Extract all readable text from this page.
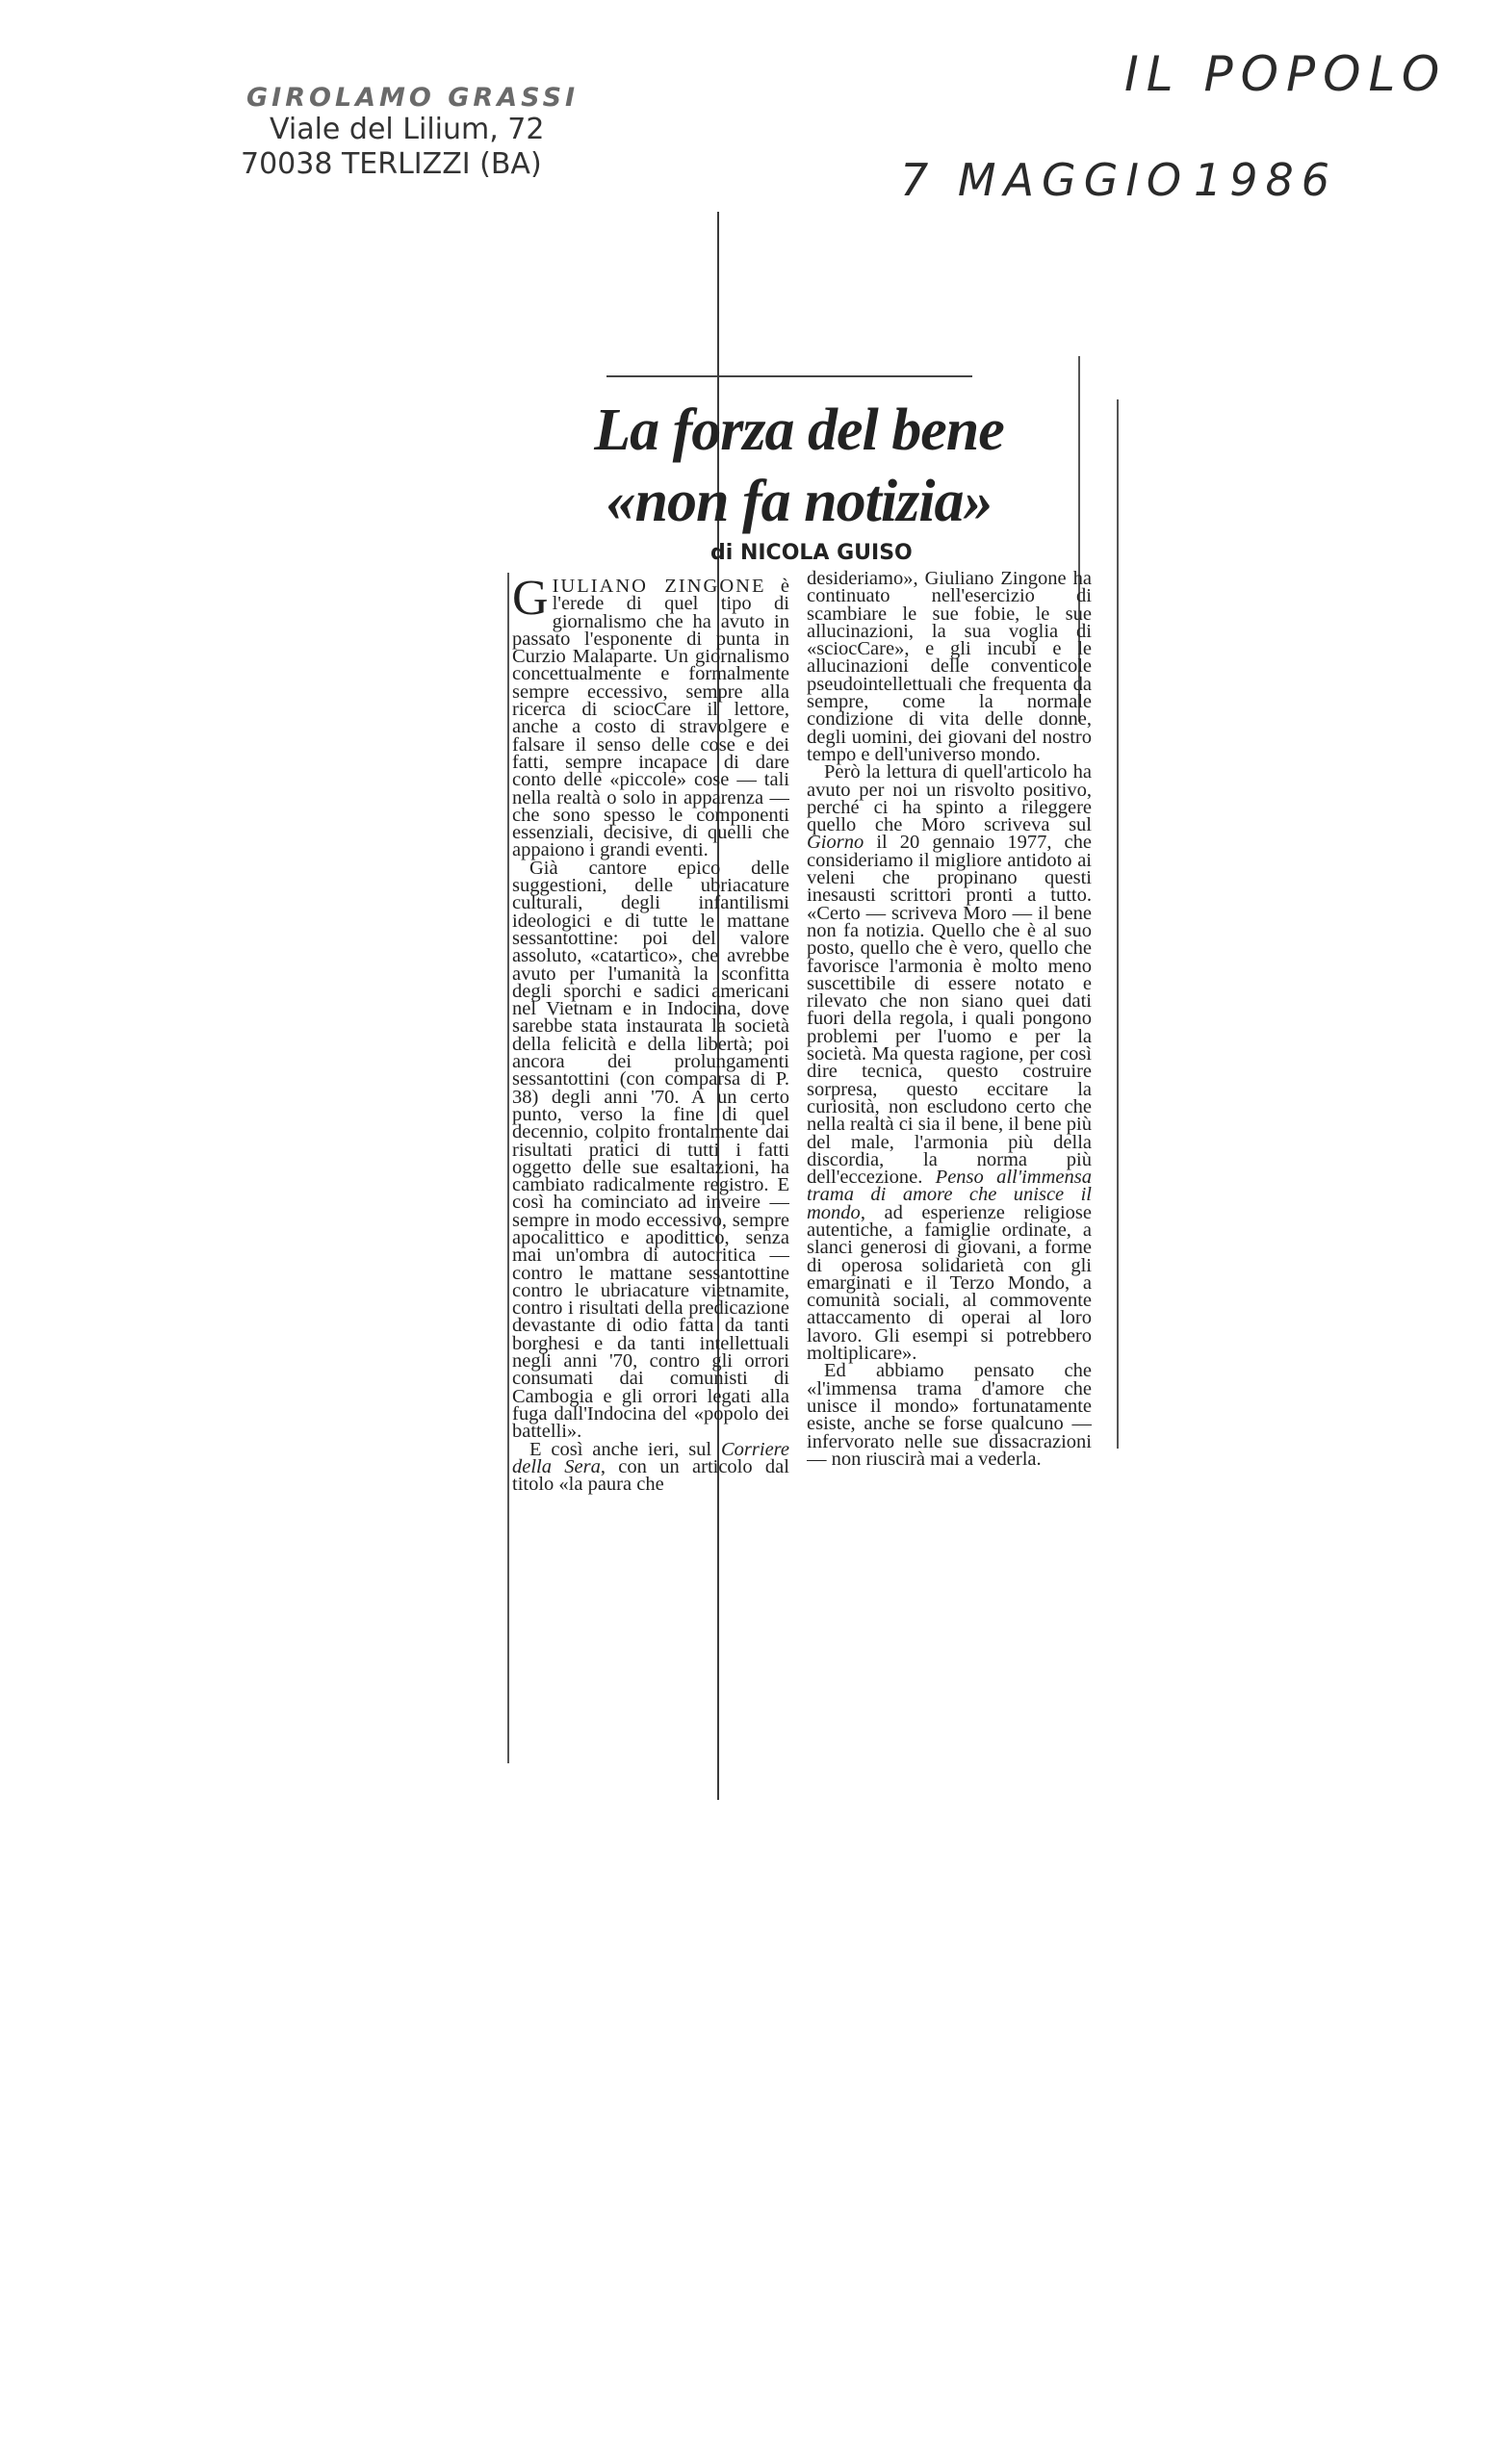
GIROLAMO GRASSI
Viale del Lilium, 72
70038 TERLIZZI (BA)
IL POPOLO
7 MAGGIO 1986
La forza del bene
«non fa notizia»
di NICOLA GUISO

G IULIANO ZINGONE è l'erede di quel tipo di giornalismo che ha avuto in passato l'esponente di punta in Curzio Malaparte. Un giornalismo concettualmente e formalmente sempre eccessivo, sempre alla ricerca di sciocCare il lettore, anche a costo di stravolgere e falsare il senso delle cose e dei fatti, sempre incapace di dare conto delle «piccole» cose — tali nella realtà o solo in apparenza — che sono spesso le componenti essenziali, decisive, di quelli che appaiono i grandi eventi.

Già cantore epico delle suggestioni, delle ubriacature culturali, degli infantilismi ideologici e di tutte le mattane sessantottine: poi del valore assoluto, «catartico», che avrebbe avuto per l'umanità la sconfitta degli sporchi e sadici americani nel Vietnam e in Indocina, dove sarebbe stata instaurata la società della felicità e della libertà; poi ancora dei prolungamenti sessantottini (con comparsa di P. 38) degli anni '70. A un certo punto, verso la fine di quel decennio, colpito frontalmente dai risultati pratici di tutti i fatti oggetto delle sue esaltazioni, ha cambiato radicalmente registro. E così ha cominciato ad inveire — sempre in modo eccessivo, sempre apocalittico e apodittico, senza mai un'ombra di autocritica — contro le mattane sessantottine contro le ubriacature vietnamite, contro i risultati della predicazione devastante di odio fatta da tanti borghesi e da tanti intellettuali negli anni '70, contro gli orrori consumati dai comunisti di Cambogia e gli orrori legati alla fuga dall'Indocina del «popolo dei battelli».

E così anche ieri, sul Corriere della Sera, con un articolo dal titolo «la paura che

desideriamo», Giuliano Zingone ha continuato nell'esercizio di scambiare le sue fobie, le sue allucinazioni, la sua voglia di «sciocCare», e gli incubi e le allucinazioni delle conventicole pseudointellettuali che frequenta da sempre, come la normale condizione di vita delle donne, degli uomini, dei giovani del nostro tempo e dell'universo mondo.

Però la lettura di quell'articolo ha avuto per noi un risvolto positivo, perché ci ha spinto a rileggere quello che Moro scriveva sul Giorno il 20 gennaio 1977, che consideriamo il migliore antidoto ai veleni che propinano questi inesausti scrittori pronti a tutto. «Certo — scriveva Moro — il bene non fa notizia. Quello che è al suo posto, quello che è vero, quello che favorisce l'armonia è molto meno suscettibile di essere notato e rilevato che non siano quei dati fuori della regola, i quali pongono problemi per l'uomo e per la società. Ma questa ragione, per così dire tecnica, questo costruire sorpresa, questo eccitare la curiosità, non escludono certo che nella realtà ci sia il bene, il bene più del male, l'armonia più della discordia, la norma più dell'eccezione. Penso all'immensa trama di amore che unisce il mondo, ad esperienze religiose autentiche, a famiglie ordinate, a slanci generosi di giovani, a forme di operosa solidarietà con gli emarginati e il Terzo Mondo, a comunità sociali, al commovente attaccamento di operai al loro lavoro. Gli esempi si potrebbero moltiplicare».

Ed abbiamo pensato che «l'immensa trama d'amore che unisce il mondo» fortunatamente esiste, anche se forse qualcuno — infervorato nelle sue dissacrazioni — non riuscirà mai a vederla.
